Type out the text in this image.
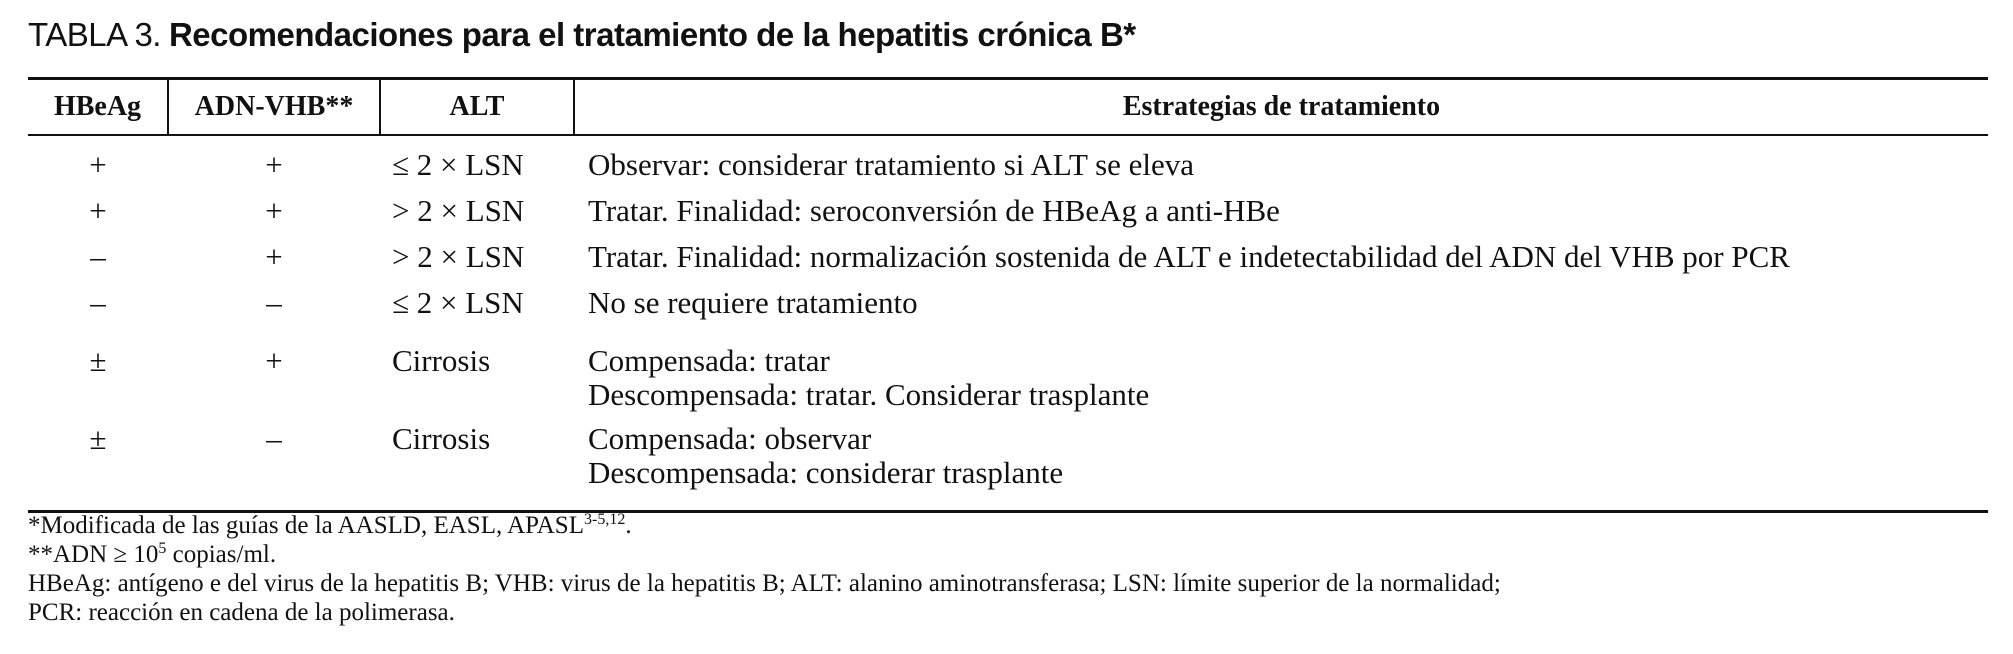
TABLA 3. Recomendaciones para el tratamiento de la hepatitis crónica B*
HBeAg	ADN-VHB**	ALT	Estrategias de tratamiento
+	+	≤ 2 × LSN	Observar: considerar tratamiento si ALT se eleva

+	+	> 2 × LSN	Tratar. Finalidad: seroconversión de HBeAg a anti-HBe

–	+	> 2 × LSN	Tratar. Finalidad: normalización sostenida de ALT e indetectabilidad del ADN del VHB por PCR

–	–	≤ 2 × LSN	No se requiere tratamiento

±	+	Cirrosis	Compensada: tratar
Descompensada: tratar. Considerar trasplante

±	–	Cirrosis	Compensada: observar
Descompensada: considerar trasplante
*Modificada de las guías de la AASLD, EASL, APASL$^{3-5,12}$.
$**ADN \ge 10^5$ copias/ml.
HBeAg: antígeno e del virus de la hepatitis B; VHB: virus de la hepatitis B; ALT: alanino aminotransferasa; LSN: límite superior de la normalidad;
PCR: reacción en cadena de la polimerasa.
